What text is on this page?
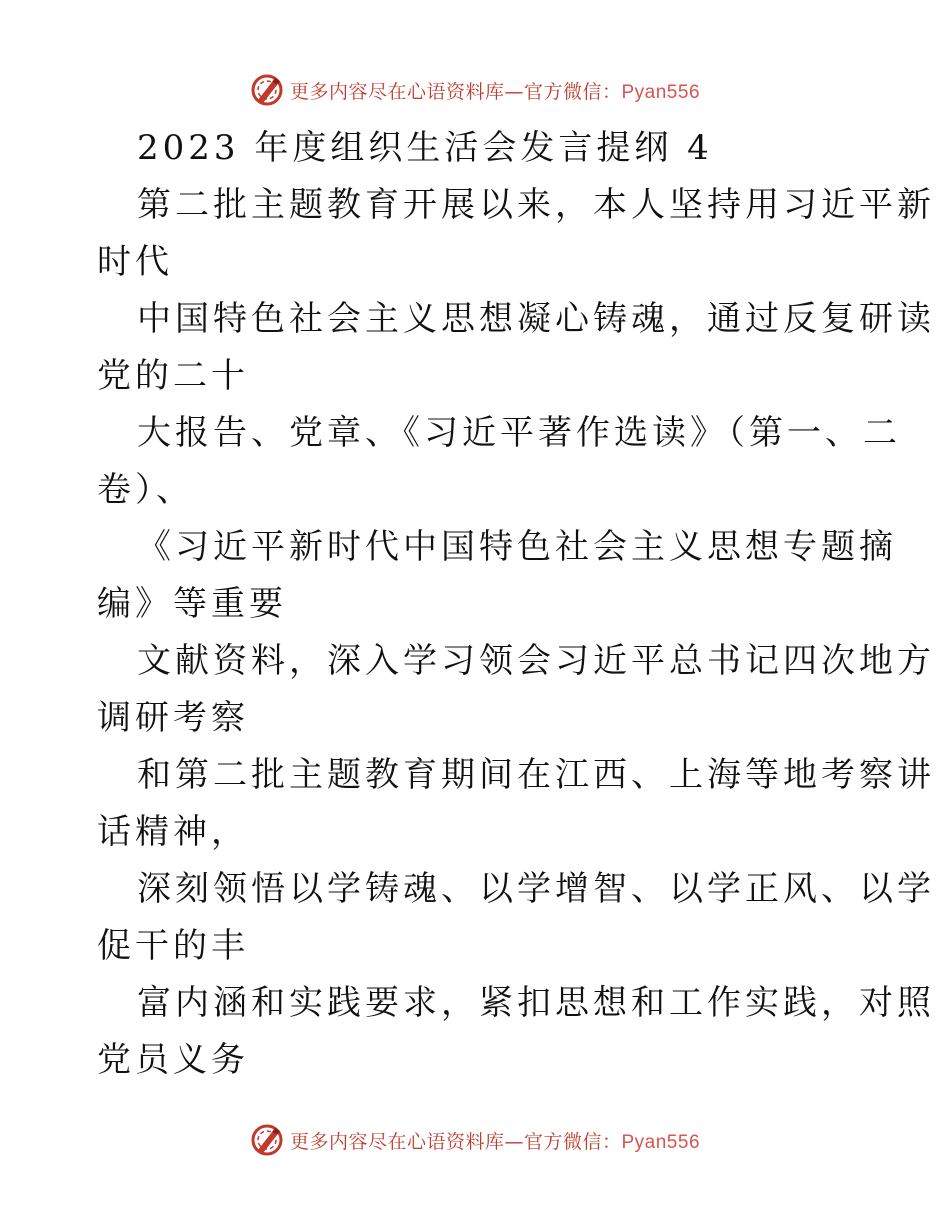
更多内容尽在心语资料库—官方微信：Pyan556
2023 年度组织生活会发言提纲 4
第二批主题教育开展以来，本人坚持用习近平新
时代
中国特色社会主义思想凝心铸魂，通过反复研读
党的二十
大报告、党章、《习近平著作选读》（第一、二
卷）、
《习近平新时代中国特色社会主义思想专题摘
编》等重要
文献资料，深入学习领会习近平总书记四次地方
调研考察
和第二批主题教育期间在江西、上海等地考察讲
话精神，
深刻领悟以学铸魂、以学增智、以学正风、以学
促干的丰
富内涵和实践要求，紧扣思想和工作实践，对照
党员义务
更多内容尽在心语资料库—官方微信：Pyan556
